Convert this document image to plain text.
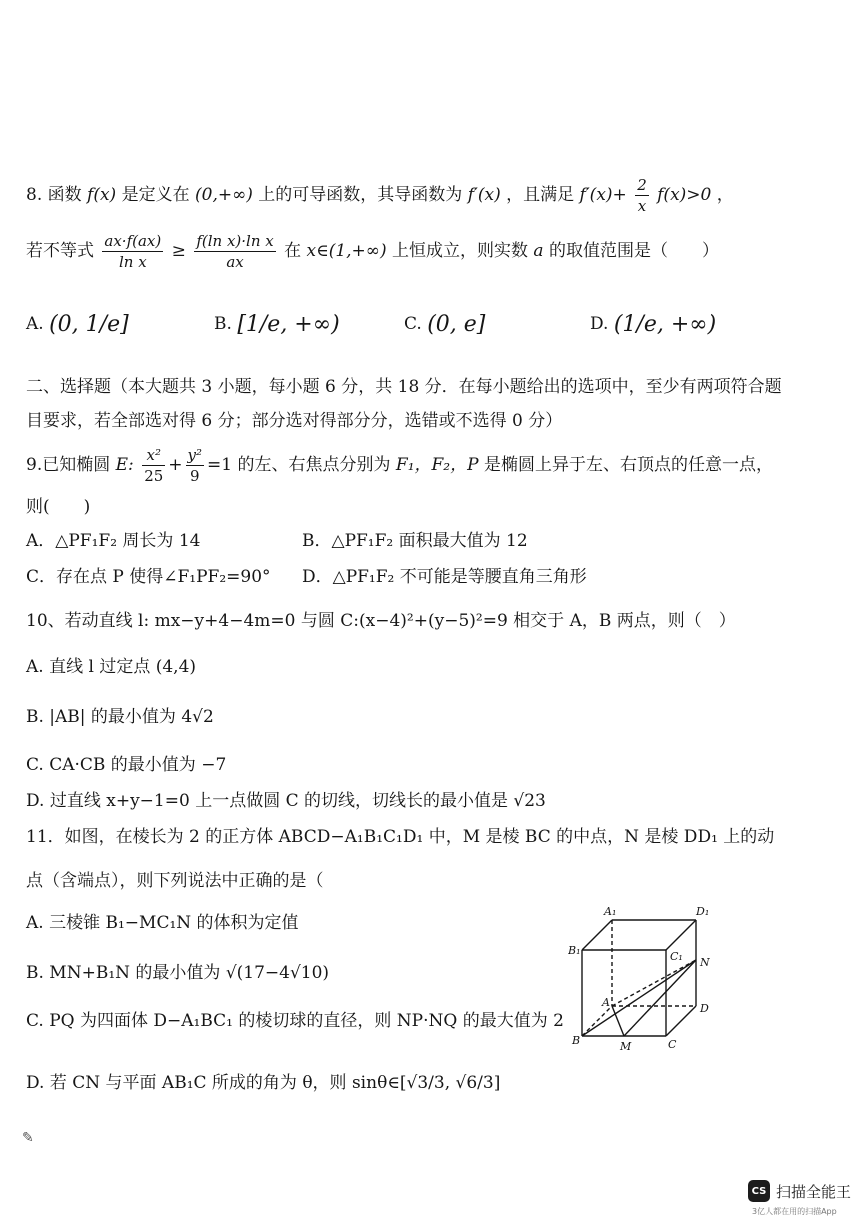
8. 函数 f(x) 是定义在 (0,+∞) 上的可导函数，其导函数为 f′(x) ，且满足 $f'(x)+ \frac{2}{x} f(x)>0$ ，
若不等式 $\frac{ax\cdot f(ax)}{\text{ln x}} \ge \frac{\text{f(ln x)·ln x}}{ax}$ 在 x∈(1,+∞) 上恒成立，则实数 a 的取值范围是（　　）
A. (0, 1/e]	B. [1/e, +∞)	C. (0, e]	D. (1/e, +∞)
二、选择题（本大题共 3 小题，每小题 6 分，共 18 分．在每小题给出的选项中，至少有两项符合题
目要求，若全部选对得 6 分；部分选对得部分分，选错或不选得 0 分）
9.已知椭圆 E: $\frac{\text{x²}}{25} + \frac{\text{y²}}{9} =1$ 的左、右焦点分别为 F₁，F₂，P 是椭圆上异于左、右顶点的任意一点，
则(　　)
A．△PF₁F₂ 周长为 14	B．△PF₁F₂ 面积最大值为 12
C．存在点 P 使得∠F₁PF₂=90° D．△PF₁F₂ 不可能是等腰直角三角形
10、若动直线 l: mx−y+4−4m=0 与圆 C:(x−4)²+(y−5)²=9 相交于 A，B 两点，则（　）
A. 直线 l 过定点 (4,4)
B. |AB| 的最小值为 4√2
C. CA·CB 的最小值为 −7
D. 过直线 x+y−1=0 上一点做圆 C 的切线，切线长的最小值是 √23
11．如图，在棱长为 2 的正方体 ABCD−A₁B₁C₁D₁ 中，M 是棱 BC 的中点，N 是棱 DD₁ 上的动
点（含端点），则下列说法中正确的是（
A. 三棱锥 B₁−MC₁N 的体积为定值
B. MN+B₁N 的最小值为 √(17−4√10)
C. PQ 为四面体 D−A₁BC₁ 的棱切球的直径，则 NP·NQ 的最大值为 2
D. 若 CN 与平面 AB₁C 所成的角为 θ，则 sinθ∈[√3/3, √6/3]
A₁	D₁
B₁	C₁ N
A	D
B	M	C
✎
CS 扫描全能王
3亿人都在用的扫描App
